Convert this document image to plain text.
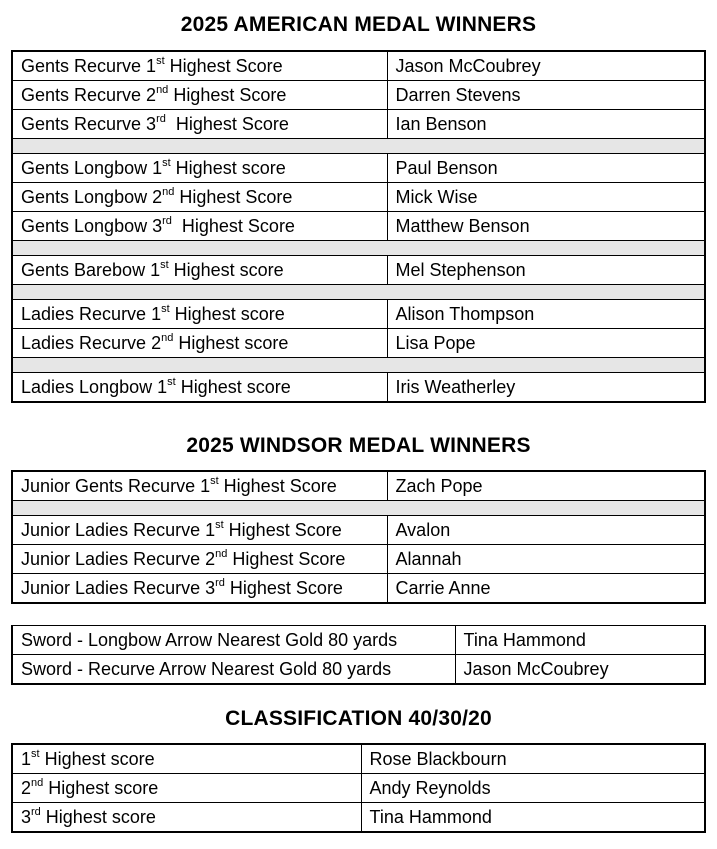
2025 AMERICAN MEDAL WINNERS
Gents Recurve 1st Highest Score	Jason McCoubrey
Gents Recurve 2nd Highest Score	Darren Stevens
Gents Recurve 3rd  Highest Score	Ian Benson

Gents Longbow 1st Highest score	Paul Benson
Gents Longbow 2nd Highest Score	Mick Wise
Gents Longbow 3rd  Highest Score	Matthew Benson

Gents Barebow 1st Highest score	Mel Stephenson

Ladies Recurve 1st Highest score	Alison Thompson
Ladies Recurve 2nd Highest score	Lisa Pope

Ladies Longbow 1st Highest score	Iris Weatherley
2025 WINDSOR MEDAL WINNERS
Junior Gents Recurve 1st Highest Score	Zach Pope

Junior Ladies Recurve 1st Highest Score	Avalon
Junior Ladies Recurve 2nd Highest Score	Alannah
Junior Ladies Recurve 3rd Highest Score	Carrie Anne
Sword - Longbow Arrow Nearest Gold 80 yards	Tina Hammond
Sword - Recurve Arrow Nearest Gold 80 yards	Jason McCoubrey
CLASSIFICATION 40/30/20
1st Highest score	Rose Blackbourn
2nd Highest score	Andy Reynolds
3rd Highest score	Tina Hammond
